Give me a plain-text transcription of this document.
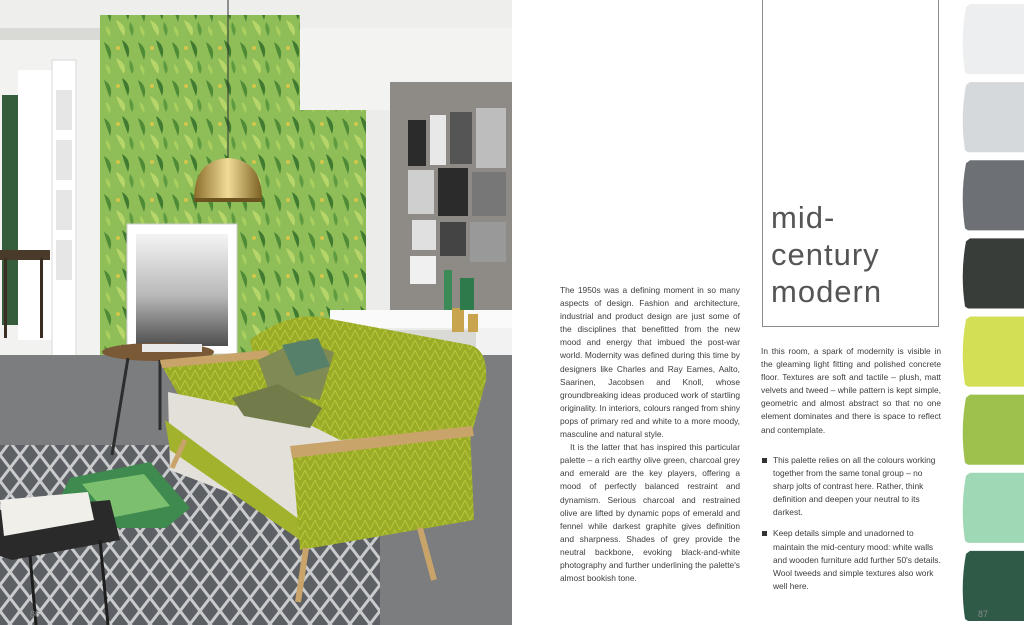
86

The 1950s was a defining moment in so many aspects of design. Fashion and architecture, industrial and product design are just some of the disciplines that benefitted from the new mood and energy that imbued the post-war world. Modernity was defined during this time by designers like Charles and Ray Eames, Aalto, Saarinen, Jacobsen and Knoll, whose groundbreaking ideas produced work of startling originality. In interiors, colours ranged from shiny pops of primary red and white to a more moody, masculine and natural style.

It is the latter that has inspired this particular palette – a rich earthy olive green, charcoal grey and emerald are the key players, offering a mood of perfectly balanced restraint and dynamism. Serious charcoal and restrained olive are lifted by dynamic pops of emerald and fennel while darkest graphite gives definition and sharpness. Shades of grey provide the neutral backbone, evoking black-and-white photography and further underlining the palette's almost bookish tone.

mid-
century
modern

In this room, a spark of modernity is visible in the gleaming light fitting and polished concrete floor. Textures are soft and tactile – plush, matt velvets and tweed – while pattern is kept simple, geometric and almost abstract so that no one element dominates and there is space to reflect and contemplate.

This palette relies on all the colours working together from the same tonal group – no sharp jolts of contrast here. Rather, think definition and deepen your neutral to its darkest.
Keep details simple and unadorned to maintain the mid-century mood: white walls and wooden furniture add further 50's details. Wool tweeds and simple textures also work well here.
87
